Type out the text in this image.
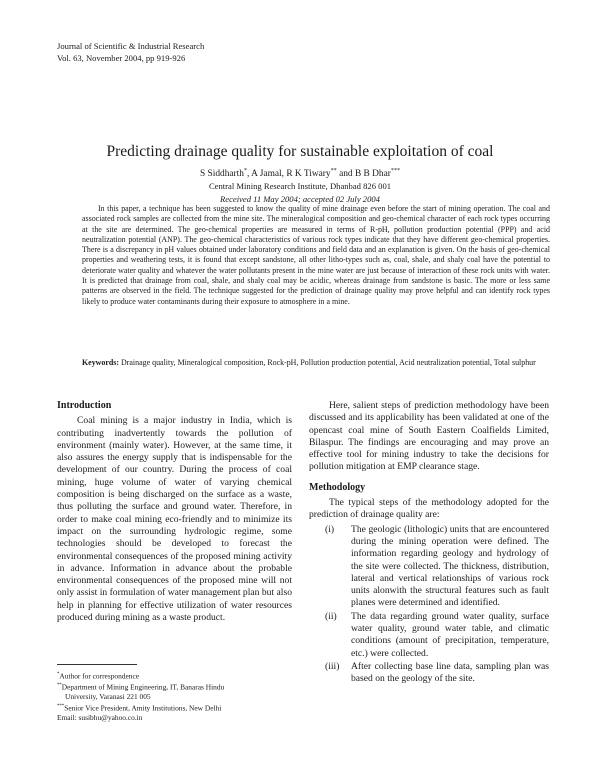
Journal of Scientific & Industrial Research
Vol. 63, November 2004, pp 919-926
Predicting drainage quality for sustainable exploitation of coal
S Siddharth*, A Jamal, R K Tiwary** and B B Dhar***
Central Mining Research Institute, Dhanbad 826 001
Received 11 May 2004; accepted 02 July 2004

In this paper, a technique has been suggested to know the quality of mine drainage even before the start of mining operation. The coal and associated rock samples are collected from the mine site. The mineralogical composition and geo-chemical character of each rock types occurring at the site are determined. The geo-chemical properties are measured in terms of R-pH, pollution production potential (PPP) and acid neutralization potential (ANP). The geo-chemical characteristics of various rock types indicate that they have different geo-chemical properties. There is a discrepancy in pH values obtained under laboratory conditions and field data and an explanation is given. On the basis of geo-chemical properties and weathering tests, it is found that except sandstone, all other litho-types such as, coal, shale, and shaly coal have the potential to deteriorate water quality and whatever the water pollutants present in the mine water are just because of interaction of these rock units with water. It is predicted that drainage from coal, shale, and shaly coal may be acidic, whereas drainage from sandstone is basic. The more or less same patterns are observed in the field. The technique suggested for the prediction of drainage quality may prove helpful and can identify rock types likely to produce water contaminants during their exposure to atmosphere in a mine.

Keywords: Drainage quality, Mineralogical composition, Rock-pH, Pollution production potential, Acid neutralization potential, Total sulphur
Introduction

Coal mining is a major industry in India, which is contributing inadvertently towards the pollution of environment (mainly water). However, at the same time, it also assures the energy supply that is indispensable for the development of our country. During the process of coal mining, huge volume of water of varying chemical composition is being discharged on the surface as a waste, thus polluting the surface and ground water. Therefore, in order to make coal mining eco-friendly and to minimize its impact on the surrounding hydrologic regime, some technologies should be developed to forecast the environmental consequences of the proposed mining activity in advance. Information in advance about the probable environmental consequences of the proposed mine will not only assist in formulation of water management plan but also help in planning for effective utilization of water resources produced during mining as a waste product.

Here, salient steps of prediction methodology have been discussed and its applicability has been validated at one of the opencast coal mine of South Eastern Coalfields Limited, Bilaspur. The findings are encouraging and may prove an effective tool for mining industry to take the decisions for pollution mitigation at EMP clearance stage.

Methodology

The typical steps of the methodology adopted for the prediction of drainage quality are:

(i) The geologic (lithologic) units that are encountered during the mining operation were defined. The information regarding geology and hydrology of the site were collected. The thickness, distribution, lateral and vertical relationships of various rock units alonwith the structural features such as fault planes were determined and identified.
(ii) The data regarding ground water quality, surface water quality, ground water table, and climatic conditions (amount of precipitation, temperature, etc.) were collected.
(iii) After collecting base line data, sampling plan was based on the geology of the site.
*Author for correspondence
**Department of Mining Engineering, IT, Banaras Hindu
University, Varanasi 221 005
***Senior Vice President, Amity Institutions, New Delhi
Email: susibhu@yahoo.co.in
